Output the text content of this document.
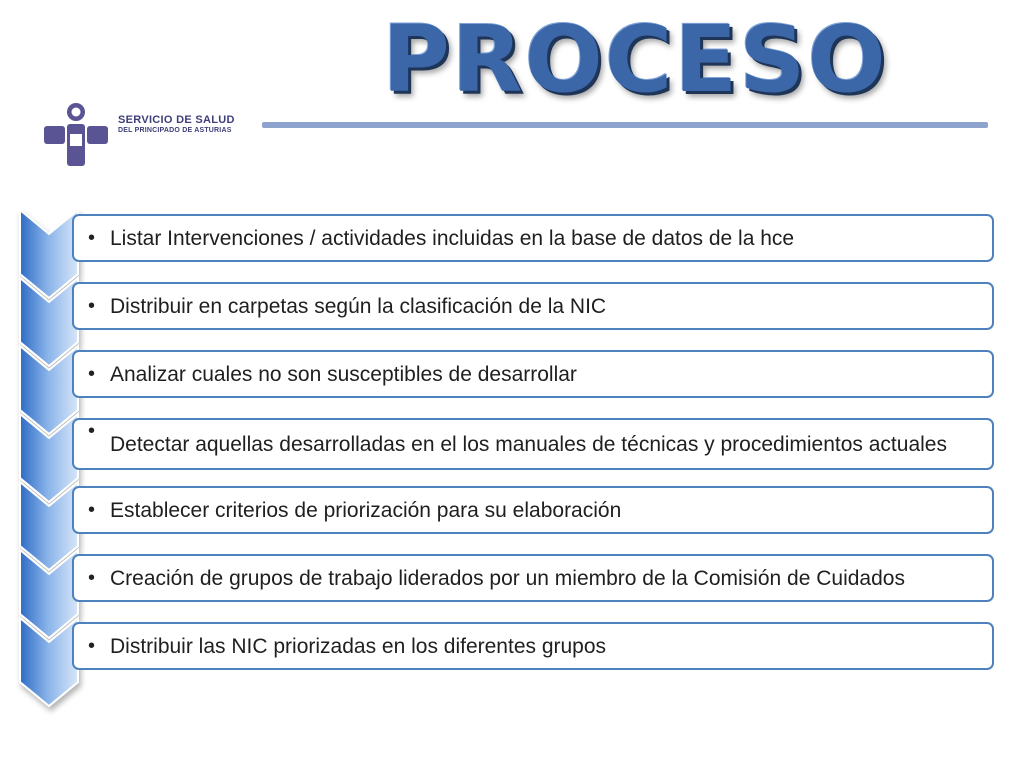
PROCESO
SERVICIO DE SALUD
DEL PRINCIPADO DE ASTURIAS
• Listar Intervenciones / actividades incluidas en la base de datos de la hce
• Distribuir en carpetas según la clasificación de la NIC
• Analizar cuales no son susceptibles de desarrollar
•
Detectar aquellas desarrolladas en el los manuales de técnicas y procedimientos actuales
• Establecer criterios de priorización para su elaboración
• Creación de grupos de trabajo liderados por un miembro de la Comisión de Cuidados
• Distribuir las NIC priorizadas en los diferentes grupos
